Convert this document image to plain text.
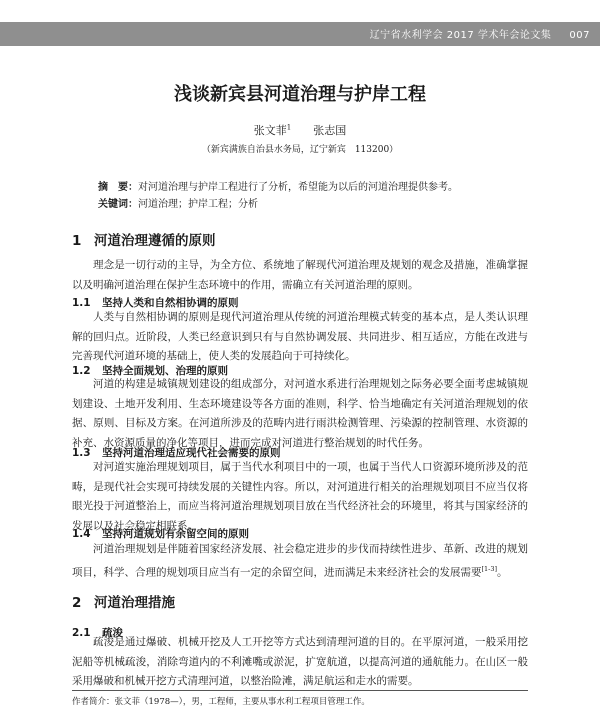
辽宁省水利学会 2017 学术年会论文集 007
浅谈新宾县河道治理与护岸工程
张文菲$^1$ 张志国
（新宾满族自治县水务局，辽宁新宾　113200）
摘　要：对河道治理与护岸工程进行了分析，希望能为以后的河道治理提供参考。
关键词：河道治理；护岸工程；分析
1 河道治理遵循的原则
理念是一切行动的主导，为全方位、系统地了解现代河道治理及规划的观念及措施，准确掌握以及明确河道治理在保护生态环境中的作用，需确立有关河道治理的原则。
1.1 坚持人类和自然相协调的原则
人类与自然相协调的原则是现代河道治理从传统的河道治理模式转变的基本点，是人类认识理解的回归点。近阶段，人类已经意识到只有与自然协调发展、共同进步、相互适应，方能在改进与完善现代河道环境的基础上，使人类的发展趋向于可持续化。
1.2 坚持全面规划、治理的原则
河道的构建是城镇规划建设的组成部分，对河道水系进行治理规划之际务必要全面考虑城镇规划建设、土地开发利用、生态环境建设等各方面的准则，科学、恰当地确定有关河道治理规划的依据、原则、目标及方案。在河道所涉及的范畴内进行雨洪检测管理、污染源的控制管理、水资源的补充、水资源质量的净化等项目，进而完成对河道进行整治规划的时代任务。
1.3 坚持河道治理适应现代社会需要的原则
对河道实施治理规划项目，属于当代水利项目中的一项，也属于当代人口资源环境所涉及的范畴，是现代社会实现可持续发展的关键性内容。所以，对河道进行相关的治理规划项目不应当仅将眼光投于河道整治上，而应当将河道治理规划项目放在当代经济社会的环境里，将其与国家经济的发展以及社会稳定相联系。
1.4 坚持河道规划有余留空间的原则
河道治理规划是伴随着国家经济发展、社会稳定进步的步伐而持续性进步、革新、改进的规划项目，科学、合理的规划项目应当有一定的余留空间，进而满足未来经济社会的发展需要[1-3]。
2 河道治理措施
2.1 疏浚
疏浚是通过爆破、机械开挖及人工开挖等方式达到清理河道的目的。在平原河道，一般采用挖泥船等机械疏浚，消除弯道内的不利滩嘴或淤泥，扩宽航道，以提高河道的通航能力。在山区一般采用爆破和机械开挖方式清理河道，以整治险滩，满足航运和走水的需要。
作者简介：张文菲（1978—），男，工程师，主要从事水利工程项目管理工作。
